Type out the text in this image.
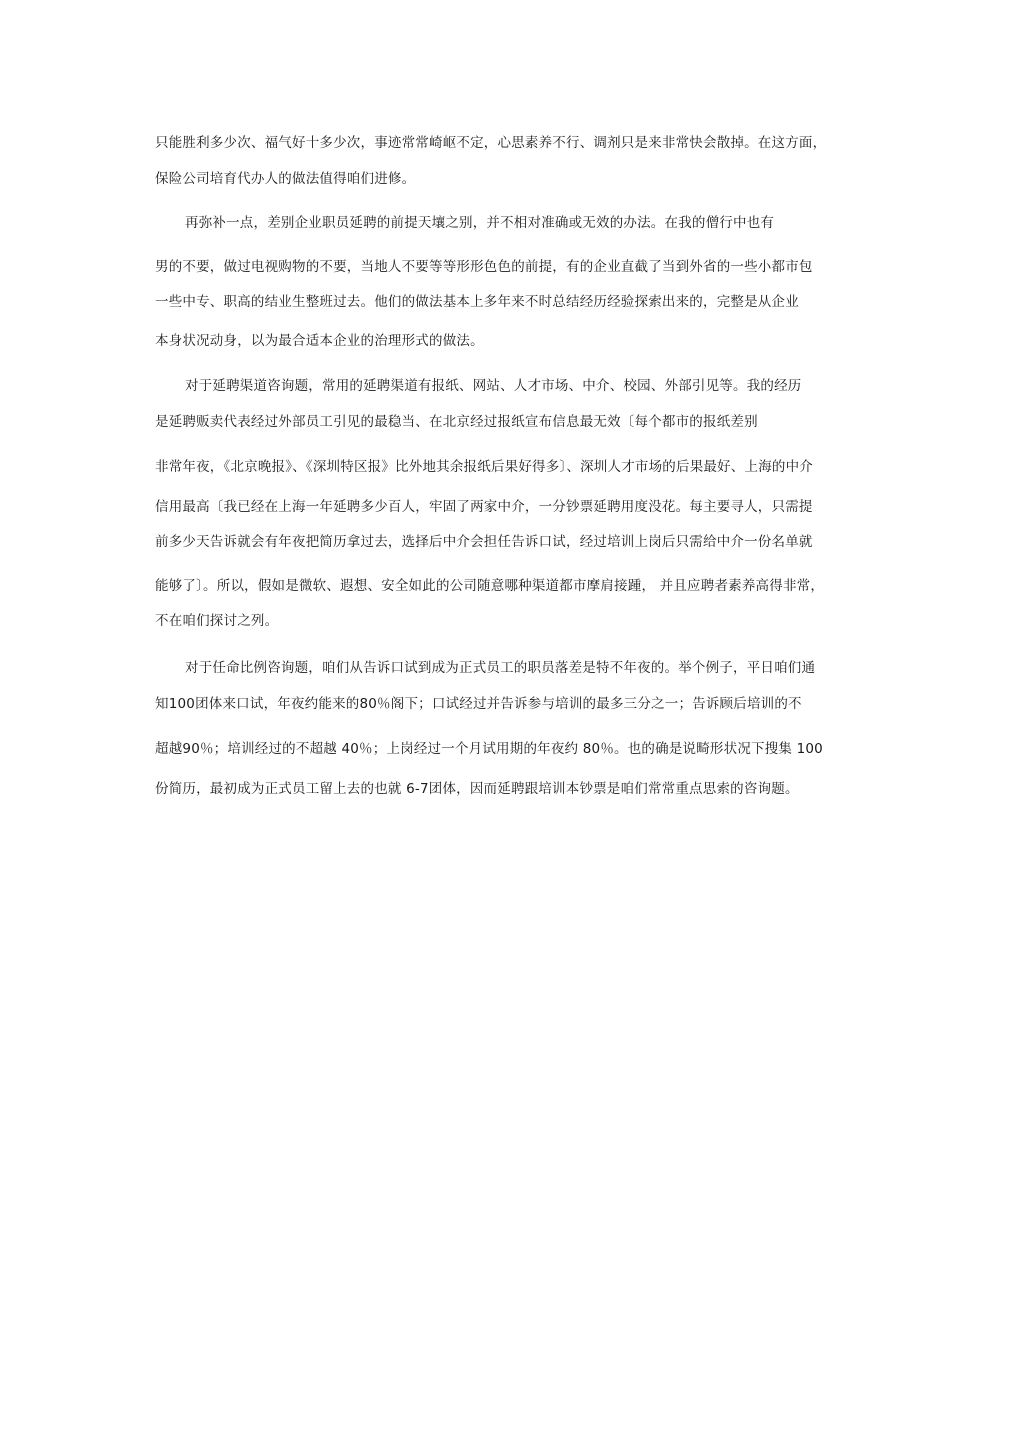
只能胜利多少次、福气好十多少次，事迹常常崎岖不定，心思素养不行、调剂只是来非常快会散掉。在这方面，

保险公司培育代办人的做法值得咱们进修。

再弥补一点，差别企业职员延聘的前提天壤之别，并不相对准确或无效的办法。在我的僧行中也有

男的不要，做过电视购物的不要，当地人不要等等形形色色的前提，有的企业直截了当到外省的一些小都市包

一些中专、职高的结业生整班过去。他们的做法基本上多年来不时总结经历经验探索出来的，完整是从企业

本身状况动身，以为最合适本企业的治理形式的做法。

对于延聘渠道咨询题，常用的延聘渠道有报纸、网站、人才市场、中介、校园、外部引见等。我的经历

是延聘贩卖代表经过外部员工引见的最稳当、在北京经过报纸宣布信息最无效〔每个都市的报纸差别

非常年夜，《北京晚报》、《深圳特区报》比外地其余报纸后果好得多〕、深圳人才市场的后果最好、上海的中介

信用最高〔我已经在上海一年延聘多少百人，牢固了两家中介，一分钞票延聘用度没花。每主要寻人，只需提

前多少天告诉就会有年夜把简历拿过去，选择后中介会担任告诉口试，经过培训上岗后只需给中介一份名单就

能够了〕。所以，假如是微软、遐想、安全如此的公司随意哪种渠道都市摩肩接踵， 并且应聘者素养高得非常，

不在咱们探讨之列。

对于任命比例咨询题，咱们从告诉口试到成为正式员工的职员落差是特不年夜的。举个例子，平日咱们通

知100团体来口试，年夜约能来的80％阁下；口试经过并告诉参与培训的最多三分之一；告诉顾后培训的不

超越90％；培训经过的不超越 40％；上岗经过一个月试用期的年夜约 80％。也的确是说畸形状况下搜集 100

份简历，最初成为正式员工留上去的也就 6-7团体，因而延聘跟培训本钞票是咱们常常重点思索的咨询题。
